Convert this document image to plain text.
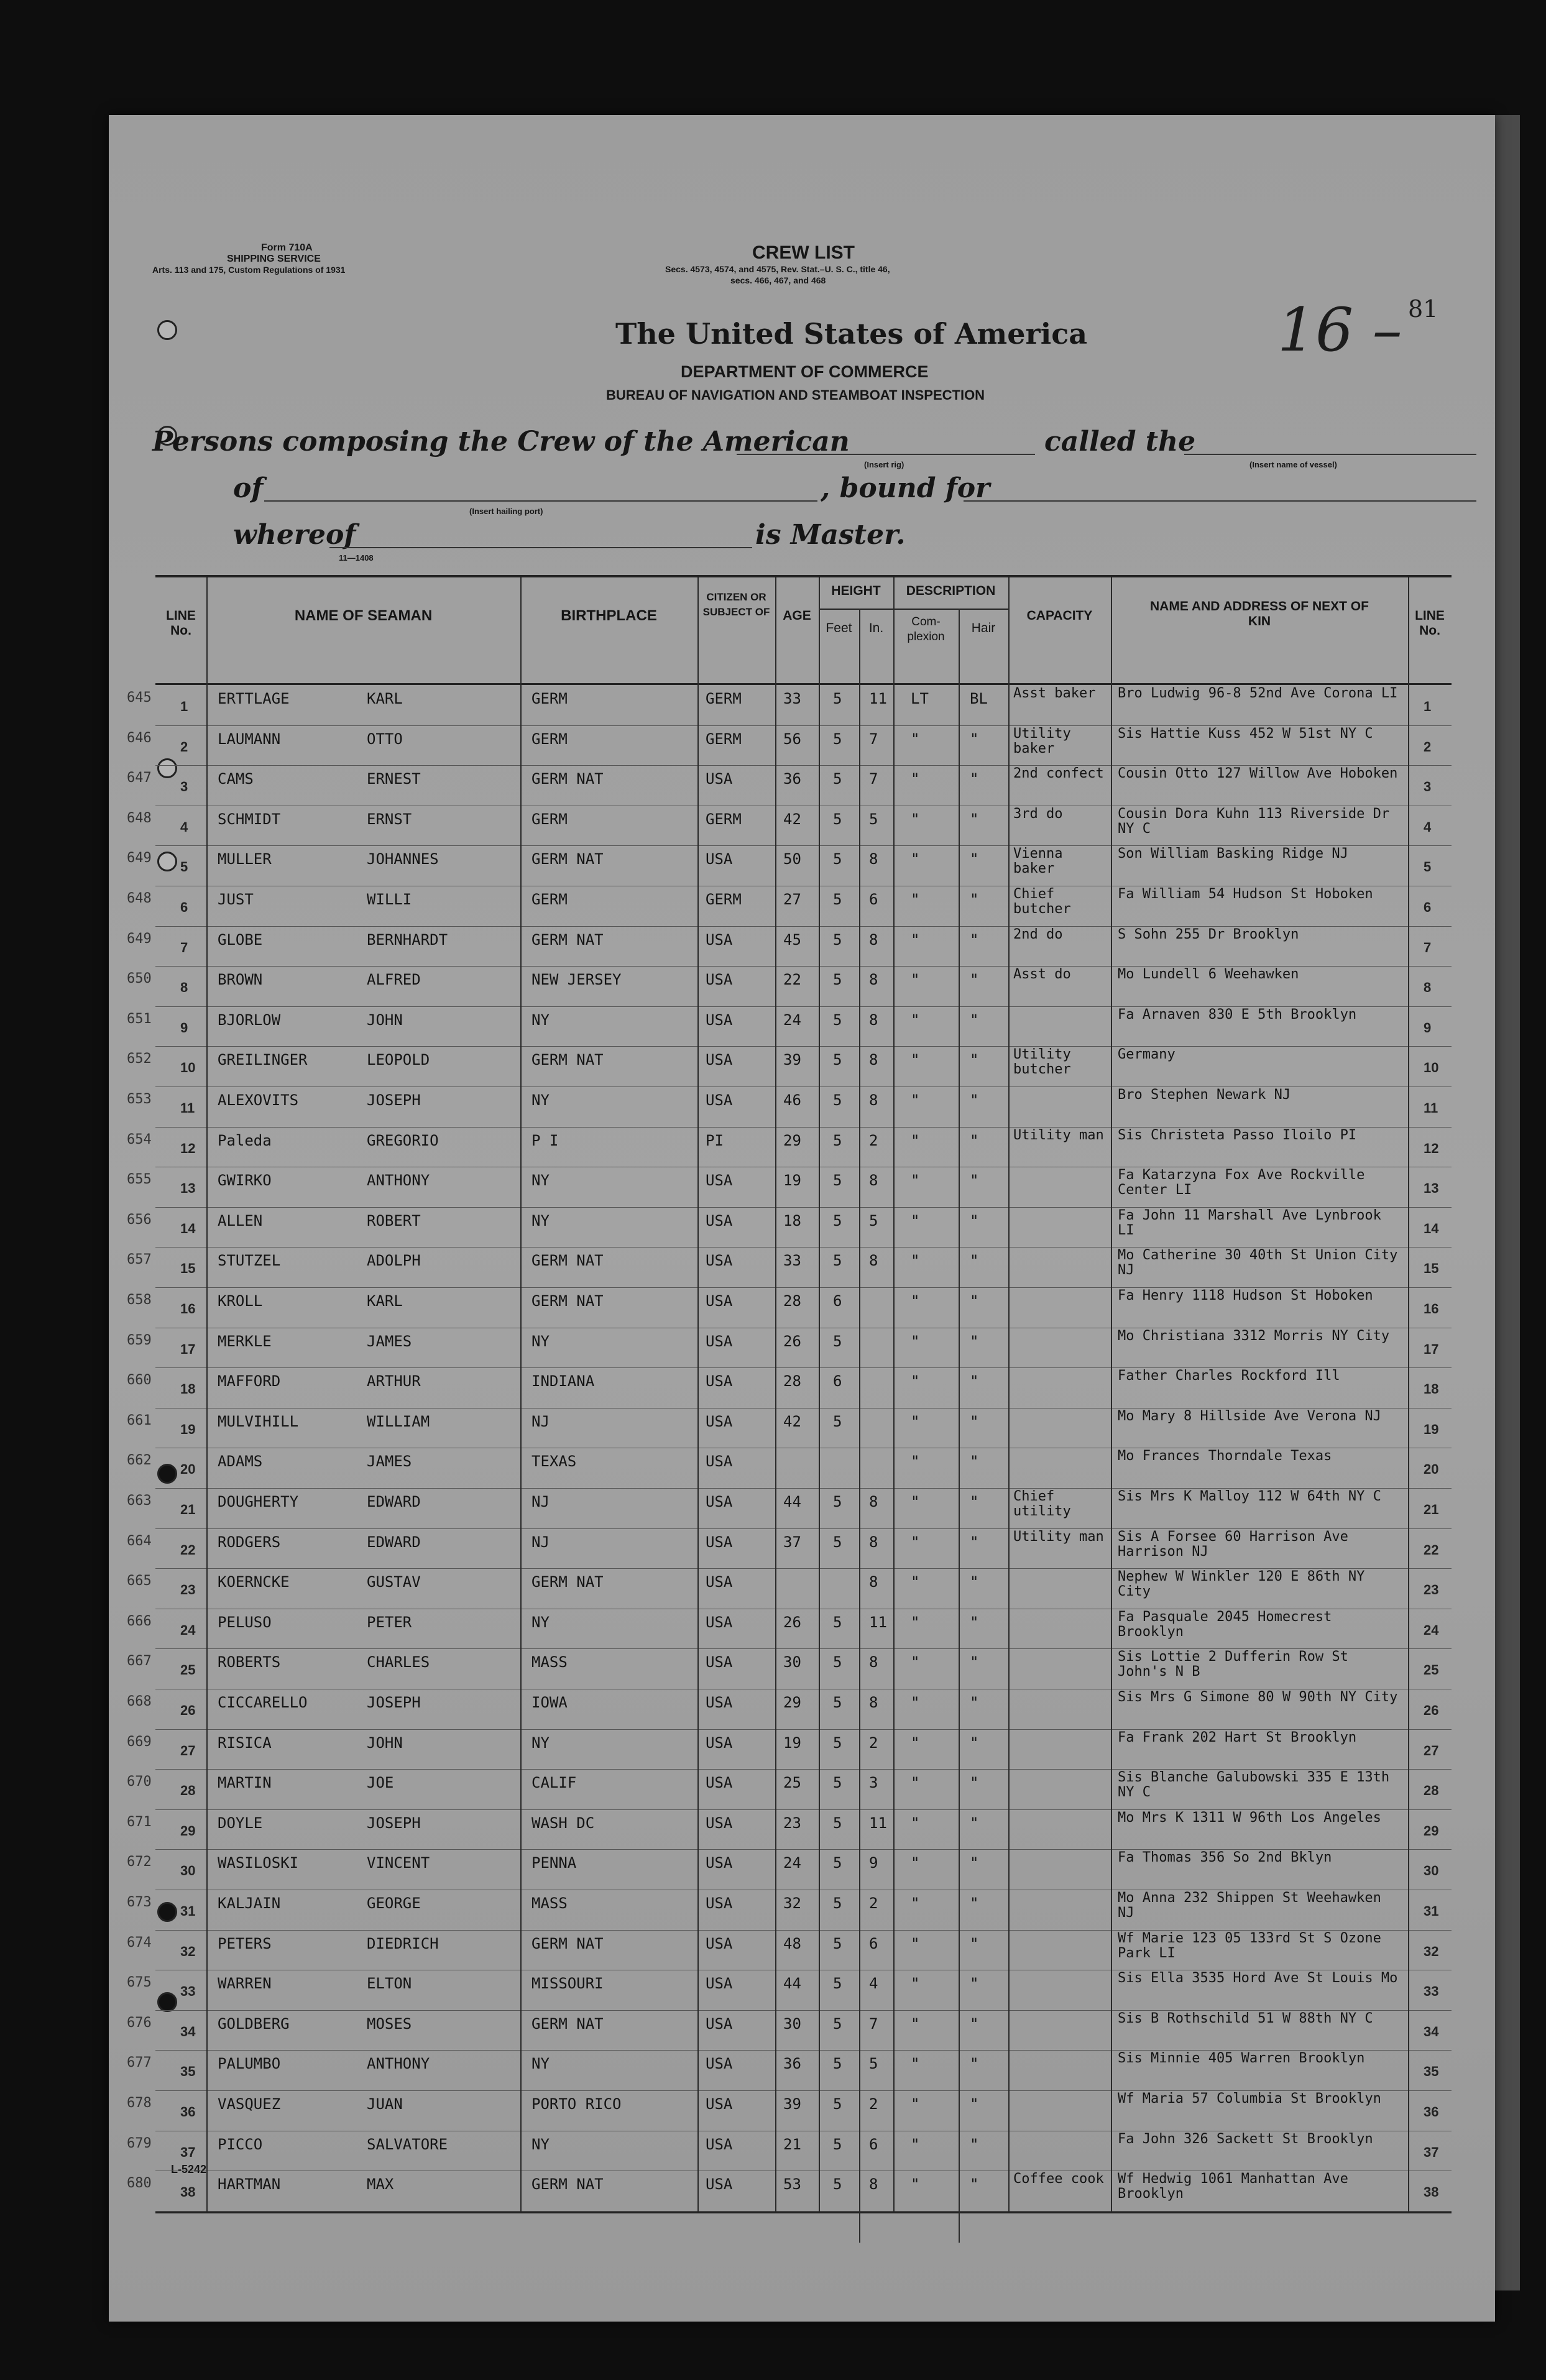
Form 710A
SHIPPING SERVICE
Arts. 113 and 175, Custom Regulations of 1931
CREW LIST
Secs. 4573, 4574, and 4575, Rev. Stat.–U. S. C., title 46,
secs. 466, 467, and 468
The United States of America
DEPARTMENT OF COMMERCE
BUREAU OF NAVIGATION AND STEAMBOAT INSPECTION
16 – 81
Persons composing the Crew of the American	called the
(Insert rig)	(Insert name of vessel)
of	, bound for
(Insert hailing port)
whereof	is Master.
11—1408
L-5242
LINE No.
NAME OF SEAMAN	BIRTHPLACE
CITIZEN OR SUBJECT OF AGE
HEIGHT
Feet	In.
DESCRIPTION
Com-plexion
Hair
CAPACITY
NAME AND ADDRESS OF NEXT OF KIN	LINE No.
645
1 ERTTLAGE	KARL	GERM	GERM	33 5 11 LT	BL Asst baker	Bro Ludwig 96-8 52nd Ave Corona LI
1
646
2 LAUMANN	OTTO	GERM	GERM	56 5 7 "	"	Utility baker
Sis Hattie Kuss 452 W 51st NY C
2
647
3 CAMS	ERNEST	GERM NAT	USA	36 5 7 "	"	2nd confect Cousin Otto 127 Willow Ave Hoboken
3
648
4 SCHMIDT	ERNST	GERM	GERM	42 5 5 "	"	3rd do	Cousin Dora Kuhn 113 Riverside Dr NY C	4
649
5 MULLER	JOHANNES	GERM NAT	USA	50 5 8 "	"	Vienna baker
Son William Basking Ridge NJ
5
648
6 JUST	WILLI	GERM	GERM	27 5 6 "	"	Chief butcher
Fa William 54 Hudson St Hoboken
6
649
7 GLOBE	BERNHARDT	GERM NAT	USA	45 5 8 "	"	2nd do	S Sohn 255 Dr Brooklyn
7
650
8 BROWN	ALFRED	NEW JERSEY	USA	22 5 8 "	"	Asst do	Mo Lundell 6 Weehawken
8
651
9 BJORLOW	JOHN	NY	USA	24 5 8 "	"	Fa Arnaven 830 E 5th Brooklyn
9
652
10 GREILINGER	LEOPOLD	GERM NAT	USA	39 5 8 "	"	Utility butcher
Germany
10
653
11 ALEXOVITS	JOSEPH	NY	USA	46 5 8 "	"	Bro Stephen Newark NJ
11
654
12 Paleda	GREGORIO	P I	PI	29 5 2 "	"	Utility man Sis Christeta Passo Iloilo PI
12
655
13 GWIRKO	ANTHONY	NY	USA	19 5 8 "	"	Fa Katarzyna Fox Ave Rockville Center LI	13
656
14 ALLEN	ROBERT	NY	USA	18 5 5 "	"	Fa John 11 Marshall Ave Lynbrook LI	14
657
15 STUTZEL	ADOLPH	GERM NAT	USA	33 5 8 "	"	Mo Catherine 30 40th St Union City NJ	15
658
16 KROLL	KARL	GERM NAT	USA	28 6	"	"	Fa Henry 1118 Hudson St Hoboken
16
659
17 MERKLE	JAMES	NY	USA	26 5	"	"	Mo Christiana 3312 Morris NY City
17
660
18 MAFFORD	ARTHUR	INDIANA	USA	28 6	"	"	Father Charles Rockford Ill
18
661
19 MULVIHILL	WILLIAM	NJ	USA	42 5	"	"	Mo Mary 8 Hillside Ave Verona NJ
19
662
20 ADAMS	JAMES	TEXAS	USA	"	"	Mo Frances Thorndale Texas
20
663
21 DOUGHERTY	EDWARD	NJ	USA	44 5 8 "	"	Chief utility
Sis Mrs K Malloy 112 W 64th NY C
21
664
22 RODGERS	EDWARD	NJ	USA	37 5 8 "	"	Utility man Sis A Forsee 60 Harrison Ave Harrison NJ	22
665
23 KOERNCKE	GUSTAV	GERM NAT	USA	8 "	"	Nephew W Winkler 120 E 86th NY City	23
666
24 PELUSO	PETER	NY	USA	26 5 11 "	"	Fa Pasquale 2045 Homecrest Brooklyn	24
667
25 ROBERTS	CHARLES	MASS	USA	30 5 8 "	"	Sis Lottie 2 Dufferin Row St John's N B	25
668
26 CICCARELLO	JOSEPH	IOWA	USA	29 5 8 "	"	Sis Mrs G Simone 80 W 90th NY City
26
669
27 RISICA	JOHN	NY	USA	19 5 2 "	"	Fa Frank 202 Hart St Brooklyn
27
670
28 MARTIN	JOE	CALIF	USA	25 5 3 "	"	Sis Blanche Galubowski 335 E 13th NY C	28
671
29 DOYLE	JOSEPH	WASH DC	USA	23 5 11 "	"	Mo Mrs K 1311 W 96th Los Angeles
29
672
30 WASILOSKI	VINCENT	PENNA	USA	24 5 9 "	"	Fa Thomas 356 So 2nd Bklyn
30
673
31 KALJAIN	GEORGE	MASS	USA	32 5 2 "	"	Mo Anna 232 Shippen St Weehawken NJ	31
674
32 PETERS	DIEDRICH	GERM NAT	USA	48 5 6 "	"	Wf Marie 123 05 133rd St S Ozone Park LI	32
675
33 WARREN	ELTON	MISSOURI	USA	44 5 4 "	"	Sis Ella 3535 Hord Ave St Louis Mo
33
676
34 GOLDBERG	MOSES	GERM NAT	USA	30 5 7 "	"	Sis B Rothschild 51 W 88th NY C
34
677
35 PALUMBO	ANTHONY	NY	USA	36 5 5 "	"	Sis Minnie 405 Warren Brooklyn
35
678
36 VASQUEZ	JUAN	PORTO RICO	USA	39 5 2 "	"	Wf Maria 57 Columbia St Brooklyn
36
679
37 PICCO	SALVATORE	NY	USA	21 5 6 "	"	Fa John 326 Sackett St Brooklyn
37
680
38 HARTMAN	MAX	GERM NAT	USA	53 5 8 "	"	Coffee cook Wf Hedwig 1061 Manhattan Ave Brooklyn	38
